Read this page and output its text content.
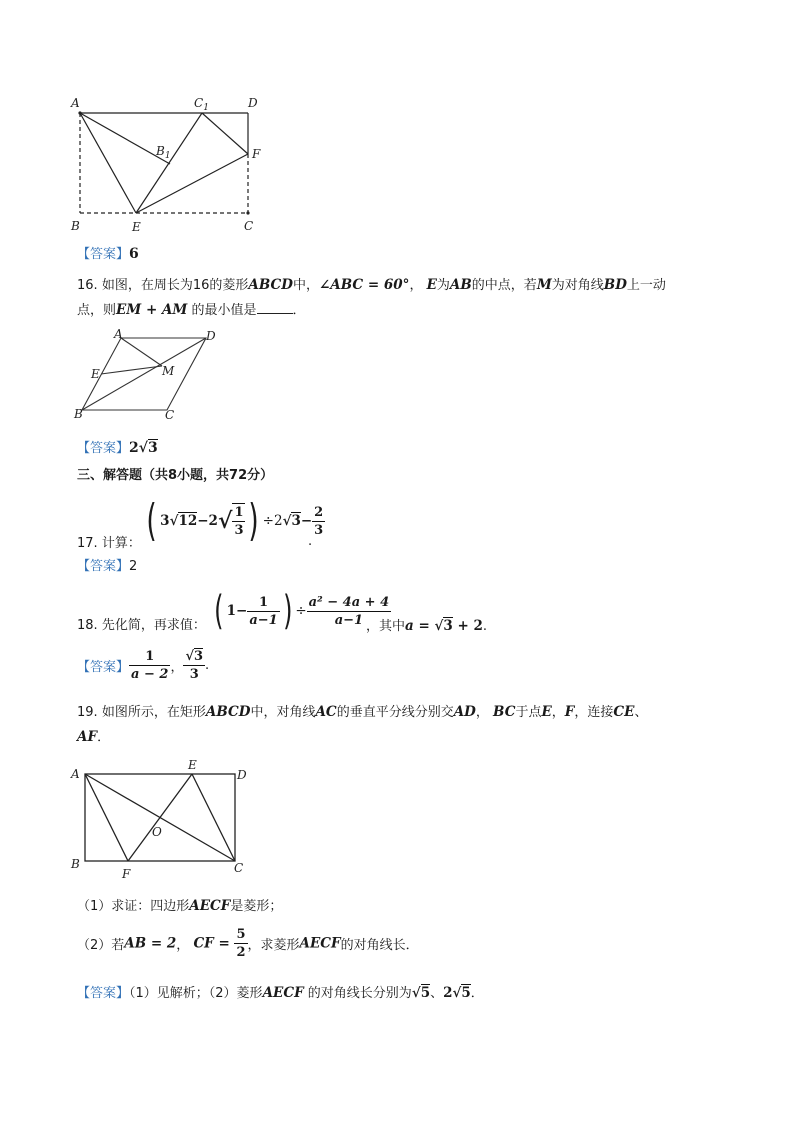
A	$C_1$	D
$B_1$	F
B	E	C
【答案】6
16. 如图，在周长为16的菱形ABCD中，∠ABC = 60°， E为AB的中点，若M为对角线BD上一动
点，则EM + AM 的最小值是	．
A	D
E	M
B	C
【答案】2√3
三、解答题（共8小题，共72分）
( $3√12-2√ \frac{1}{3}$ ) $\div 2√3- \frac{2}{3}$
17. 计算：	.
【答案】2
( $1- \frac{1}{a-1}$ ) ÷ $\frac{\text{a² − 4a + 4}}{a-1}$
18. 先化简，再求值：	，其中a = √3 + 2.
【答案】 $\frac{1}{a - 2}$ ， $\frac{√3}{3}$ .
19. 如图所示，在矩形ABCD中，对角线AC的垂直平分线分别交AD， BC于点E，F，连接CE、
AF．
A
E
D
O
B
F	C
（1）求证：四边形AECF是菱形；
（2）若AB = 2， CF = $\frac{5}{2}$ ，求菱形AECF的对角线长．
【答案】（1）见解析；（2）菱形AECF 的对角线长分别为√5、2√5．
